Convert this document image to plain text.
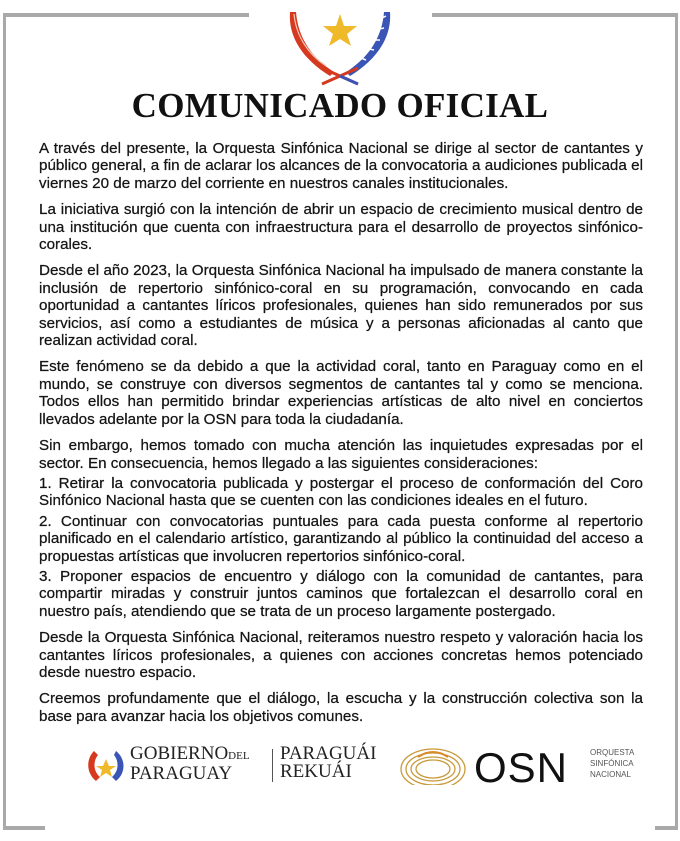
COMUNICADO OFICIAL

A través del presente, la Orquesta Sinfónica Nacional se dirige al sector de cantantes y público general, a fin de aclarar los alcances de la convocatoria a audiciones publicada el viernes 20 de marzo del corriente en nuestros canales institucionales.

La iniciativa surgió con la intención de abrir un espacio de crecimiento musical dentro de una institución que cuenta con infraestructura para el desarrollo de proyectos sinfónico-corales.

Desde el año 2023, la Orquesta Sinfónica Nacional ha impulsado de manera constante la inclusión de repertorio sinfónico-coral en su programación, convocando en cada oportunidad a cantantes líricos profesionales, quienes han sido remunerados por sus servicios, así como a estudiantes de música y a personas aficionadas al canto que realizan actividad coral.

Este fenómeno se da debido a que la actividad coral, tanto en Paraguay como en el mundo, se construye con diversos segmentos de cantantes tal y como se menciona. Todos ellos han permitido brindar experiencias artísticas de alto nivel en conciertos llevados adelante por la OSN para toda la ciudadanía.

Sin embargo, hemos tomado con mucha atención las inquietudes expresadas por el sector. En consecuencia, hemos llegado a las siguientes consideraciones:

1. Retirar la convocatoria publicada y postergar el proceso de conformación del Coro Sinfónico Nacional hasta que se cuenten con las condiciones ideales en el futuro.

2. Continuar con convocatorias puntuales para cada puesta conforme al repertorio planificado en el calendario artístico, garantizando al público la continuidad del acceso a propuestas artísticas que involucren repertorios sinfónico-coral.

3. Proponer espacios de encuentro y diálogo con la comunidad de cantantes, para compartir miradas y construir juntos caminos que fortalezcan el desarrollo coral en nuestro país, atendiendo que se trata de un proceso largamente postergado.

Desde la Orquesta Sinfónica Nacional, reiteramos nuestro respeto y valoración hacia los cantantes líricos profesionales, a quienes con acciones concretas hemos potenciado desde nuestro espacio.

Creemos profundamente que el diálogo, la escucha y la construcción colectiva son la base para avanzar hacia los objetivos comunes.

GOBIERNODEL
PARAGUAY
PARAGUÁI
REKUÁI	OSN	ORQUESTA
SINFÓNICA
NACIONAL
